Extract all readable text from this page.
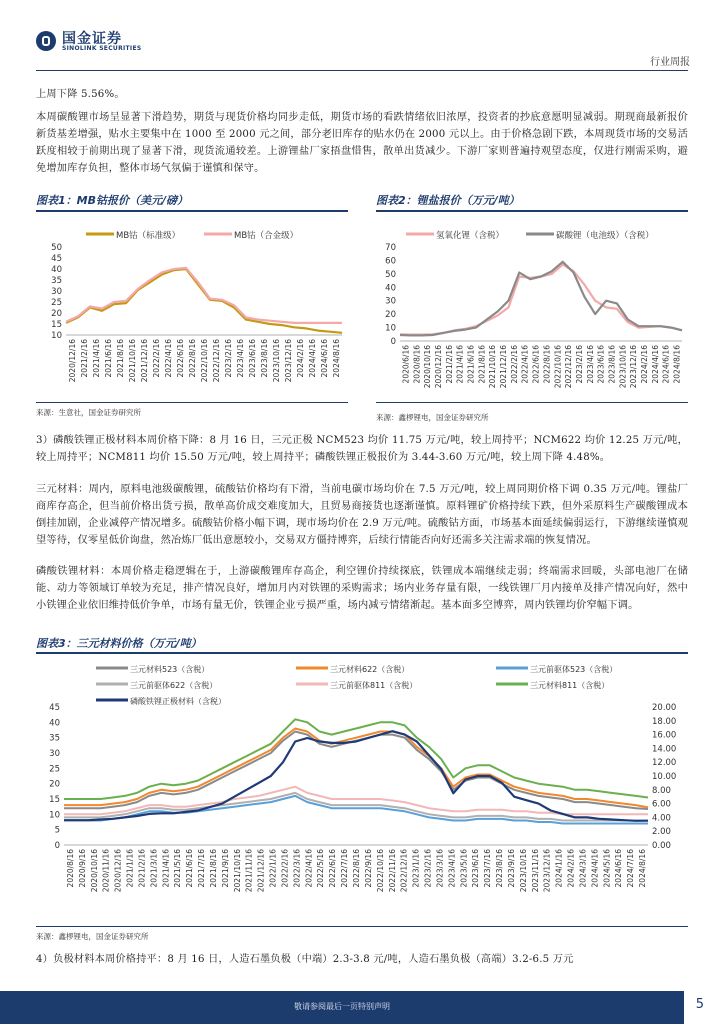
国金证券
SINOLINK SECURITIES
行业周报
上周下降 5.56%。
本周碳酸锂市场呈显著下滑趋势，期货与现货价格均同步走低，期货市场的看跌情绪依旧浓厚，投资者的抄底意愿明显减弱。期现商最新报价新货基差增强，贴水主要集中在 1000 至 2000 元之间，部分老旧库存的贴水仍在 2000 元以上。由于价格急剧下跌，本周现货市场的交易活跃度相较于前期出现了显著下滑，现货流通较差。上游锂盐厂家捂盘惜售，散单出货减少。下游厂家则普遍持观望态度，仅进行刚需采购，避免增加库存负担，整体市场气氛偏于谨慎和保守。
图表1：MB钴报价（美元/磅）	图表2：锂盐报价（万元/吨）
MB钴（标准级）	MB钴（合金级）
50
45
40
35
30
25
20
15
10
2020/12/16 2021/2/16 2021/4/16 2021/6/16 2021/8/16 2021/10/16 2021/12/16 2022/2/16 2022/4/16 2022/6/16 2022/8/16 2022/10/16 2022/12/16 2023/2/16 2023/4/16 2023/6/16 2023/8/16 2023/10/16 2023/12/16 2024/2/16 2024/4/16 2024/6/16 2024/8/16
来源：生意社，国金证券研究所
氢氧化锂（含税）	碳酸锂（电池级）（含税）
70
60
50
40
30
20
10
0
2020/6/16 2020/8/16 2020/10/16 2020/12/16 2021/2/16 2021/4/16 2021/6/16 2021/8/16 2021/10/16 2021/12/16 2022/2/16 2022/4/16 2022/6/16 2022/8/16 2022/10/16 2022/12/16 2023/2/16 2023/4/16 2023/6/16 2023/8/16 2023/10/16 2023/12/16 2024/2/16 2024/4/16 2024/6/16 2024/8/16
来源：鑫椤锂电，国金证券研究所
3）磷酸铁锂正极材料本周价格下降：8 月 16 日，三元正极 NCM523 均价 11.75 万元/吨，较上周持平；NCM622 均价 12.25 万元/吨，较上周持平；NCM811 均价 15.50 万元/吨，较上周持平；磷酸铁锂正极报价为 3.44-3.60 万元/吨，较上周下降 4.48%。
三元材料：周内，原料电池级碳酸锂，硫酸钴价格均有下滑，当前电碳市场均价在 7.5 万元/吨，较上周同期价格下调 0.35 万元/吨。锂盐厂商库存高企，但当前价格出货亏损，散单高价成交难度加大，且贸易商接货也逐渐谨慎。原料锂矿价格持续下跌，但外采原料生产碳酸锂成本倒挂加剧，企业减停产情况增多。硫酸钴价格小幅下调，现市场均价在 2.9 万元/吨。硫酸钴方面，市场基本面延续偏弱运行，下游继续谨慎观望等待，仅零星低价询盘，然冶炼厂低出意愿较小，交易双方僵持博弈，后续行情能否向好还需多关注需求端的恢复情况。
磷酸铁锂材料：本周价格走稳逻辑在于，上游碳酸锂库存高企，利空锂价持续探底，铁锂成本端继续走弱；终端需求回暖，头部电池厂在储能、动力等领域订单较为充足，排产情况良好，增加月内对铁锂的采购需求；场内业务存量有限，一线铁锂厂月内接单及排产情况向好，然中小铁锂企业依旧维持低价争单，市场有量无价，铁锂企业亏损严重，场内减亏情绪渐起。基本面多空博弈，周内铁锂均价窄幅下调。
图表3：三元材料价格（万元/吨）
三元材料523（含税）	三元材料622（含税）	三元前驱体523（含税）
三元前驱体622（含税）	三元前驱体811（含税）	三元材料811（含税）
磷酸铁锂正极材料（含税）
45
40
35
30
25
20
15
10
5
0
20.00
18.00
16.00
14.00
12.00
10.00
8.00
6.00
4.00
2.00
0.00
2020/8/16 2020/9/16 2020/10/16 2020/11/16 2020/12/16 2021/1/16 2021/2/16 2021/3/16 2021/4/16 2021/5/16 2021/6/16 2021/7/16 2021/8/16 2021/9/16 2021/10/16 2021/11/16 2021/12/16 2022/1/16 2022/2/16 2022/3/16 2022/4/16 2022/5/16 2022/6/16 2022/7/16 2022/8/16 2022/9/16 2022/10/16 2022/11/16 2022/12/16 2023/1/16 2023/2/16 2023/3/16 2023/4/16 2023/5/16 2023/6/16 2023/7/16 2023/8/16 2023/9/16 2023/10/16 2023/11/16 2023/12/16 2024/1/16 2024/2/16 2024/3/16 2024/4/16 2024/5/16 2024/6/16 2024/7/16 2024/8/16
来源：鑫椤锂电，国金证券研究所
4）负极材料本周价格持平：8 月 16 日，人造石墨负极（中端）2.3-3.8 元/吨，人造石墨负极（高端）3.2-6.5 万元
敬请参阅最后一页特别声明	5
